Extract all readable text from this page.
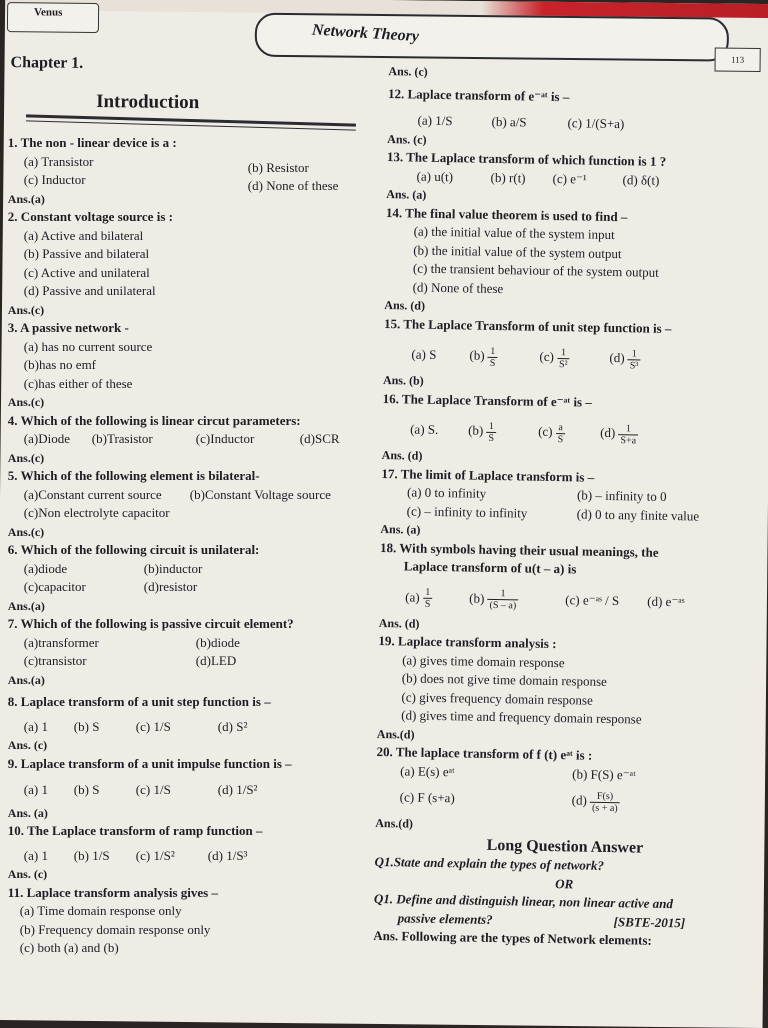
Venus
Network Theory
113
Chapter 1.
Introduction
1. The non - linear device is a :
(a) Transistor	(b) Resistor
(c) Inductor	(d) None of these
Ans.(a)
2. Constant voltage source is :
(a) Active and bilateral
(b) Passive and bilateral
(c) Active and unilateral
(d) Passive and unilateral
Ans.(c)
3. A passive network -
(a) has no current source
(b)has no emf
(c)has either of these
Ans.(c)
4. Which of the following is linear circut parameters:
(a)Diode (b)Trasistor	(c)Inductor	(d)SCR
Ans.(c)
5. Which of the following element is bilateral-
(a)Constant current source (b)Constant Voltage source
(c)Non electrolyte capacitor
Ans.(c)
6. Which of the following circuit is unilateral:
(a)diode	(b)inductor
(c)capacitor	(d)resistor
Ans.(a)
7. Which of the following is passive circuit element?
(a)transformer	(b)diode
(c)transistor	(d)LED
Ans.(a)
8. Laplace transform of a unit step function is –
(a) 1 (b) S	(c) 1/S	(d) S²
Ans. (c)
9. Laplace transform of a unit impulse function is –
(a) 1 (b) S	(c) 1/S	(d) 1/S²
Ans. (a)
10. The Laplace transform of ramp function –
(a) 1 (b) 1/S (c) 1/S²	(d) 1/S³
Ans. (c)
11. Laplace transform analysis gives –
(a) Time domain response only
(b) Frequency domain response only
(c) both (a) and (b)
Ans. (c)
12. Laplace transform of e⁻ᵃᵗ is –
(a) 1/S	(b) a/S	(c) 1/(S+a)
Ans. (c)
13. The Laplace transform of which function is 1 ?
(a) u(t)	(b) r(t) (c) e⁻¹	(d) δ(t)
Ans. (a)
14. The final value theorem is used to find –
(a) the initial value of the system input
(b) the initial value of the system output
(c) the transient behaviour of the system output
(d) None of these
Ans. (d)
15. The Laplace Transform of unit step function is –
(a) S	$(b) \frac{1}{S}$	$(c) \frac{1}{\text{S²}}$	$(d) \frac{1}{\text{S³}}$
Ans. (b)
16. The Laplace Transform of e⁻ᵃᵗ is –
(a) S. $(b) \frac{1}{S}$	$(c) \frac{a}{S}$	$(d) \frac{1}{S+a}$
Ans. (d)
17. The limit of Laplace transform is –
(a) 0 to infinity	(b) – infinity to 0
(c) – infinity to infinity	(d) 0 to any finite value
Ans. (a)
18. With symbols having their usual meanings, the
Laplace transform of u(t – a) is
$(a) \frac{1}{S}$	$(b) \frac{1}{(S - a)}$	(c) e⁻ᵃˢ / S (d) e⁻ᵃˢ
Ans. (d)
19. Laplace transform analysis :
(a) gives time domain response
(b) does not give time domain response
(c) gives frequency domain response
(d) gives time and frequency domain response
Ans.(d)
20. The laplace transform of f (t) eᵃᵗ is :
(a) E(s) eᵃᵗ	(b) F(S) e⁻ᵃᵗ
(c) F (s+a)	$(d) \frac{F(s)}{(s + a)}$
Ans.(d)
Long Question Answer
Q1.State and explain the types of network?
OR
Q1. Define and distinguish linear, non linear active and
passive elements?	[SBTE-2015]
Ans. Following are the types of Network elements:
